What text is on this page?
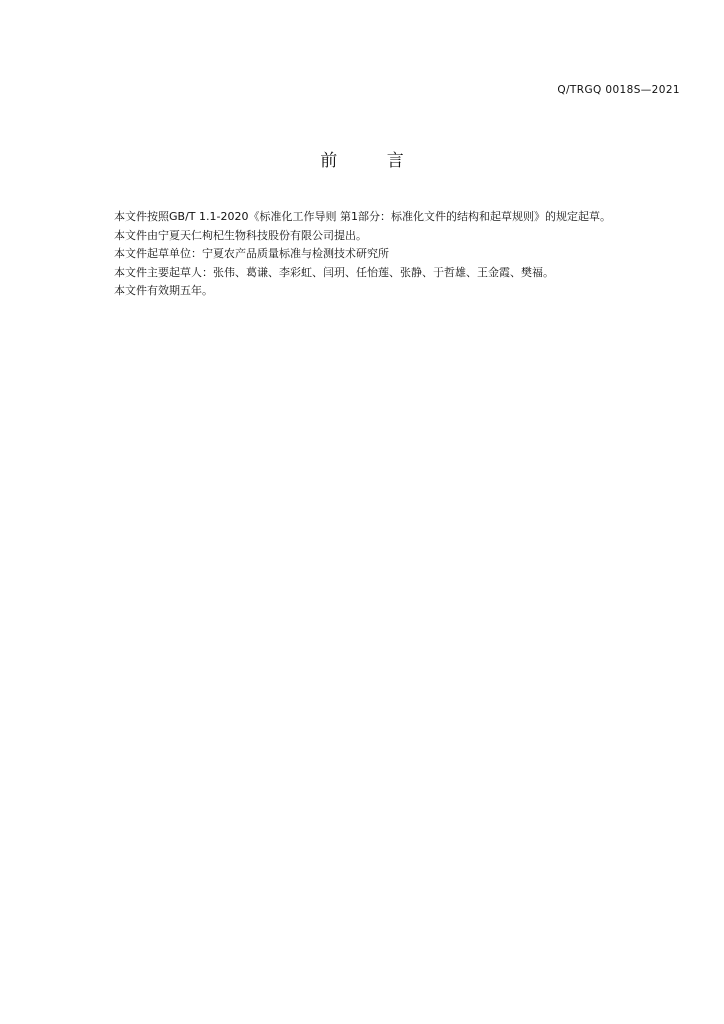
Q/TRGQ 0018S—2021
前 言

本文件按照GB/T 1.1-2020《标准化工作导则 第1部分：标准化文件的结构和起草规则》的规定起草。

本文件由宁夏天仁枸杞生物科技股份有限公司提出。

本文件起草单位：宁夏农产品质量标准与检测技术研究所

本文件主要起草人：张伟、葛谦、李彩虹、闫玥、任怡莲、张静、于哲雄、王金霞、樊福。

本文件有效期五年。
